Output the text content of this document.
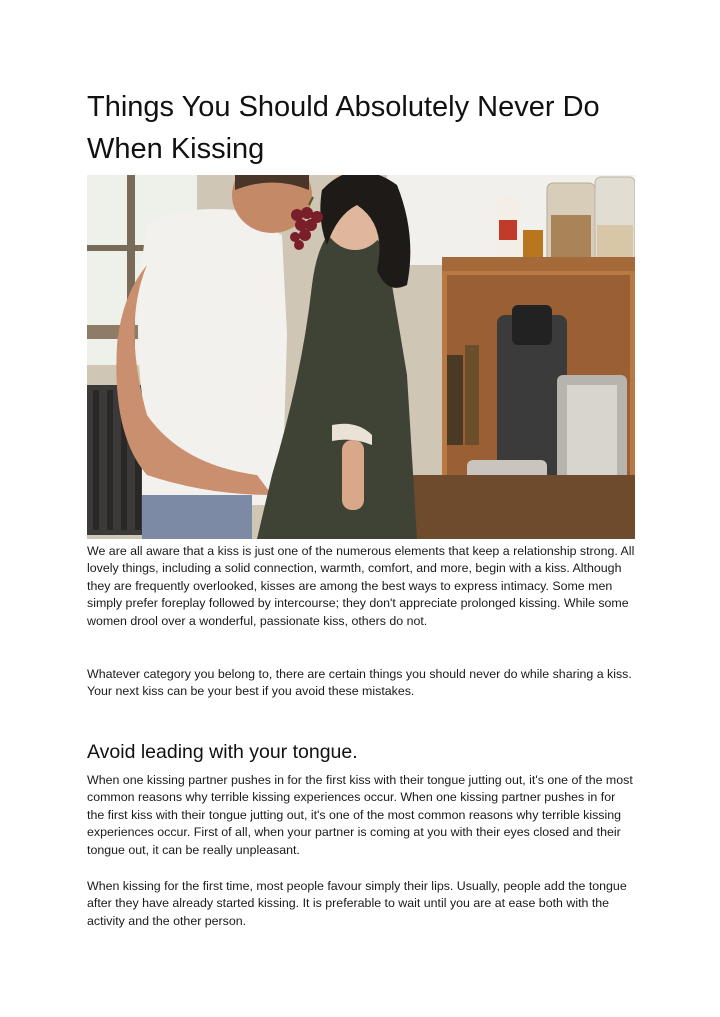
Things You Should Absolutely Never Do When Kissing

We are all aware that a kiss is just one of the numerous elements that keep a relationship strong. All lovely things, including a solid connection, warmth, comfort, and more, begin with a kiss. Although they are frequently overlooked, kisses are among the best ways to express intimacy. Some men simply prefer foreplay followed by intercourse; they don't appreciate prolonged kissing. While some women drool over a wonderful, passionate kiss, others do not.

Whatever category you belong to, there are certain things you should never do while sharing a kiss. Your next kiss can be your best if you avoid these mistakes.

Avoid leading with your tongue.

When one kissing partner pushes in for the first kiss with their tongue jutting out, it's one of the most common reasons why terrible kissing experiences occur. When one kissing partner pushes in for the first kiss with their tongue jutting out, it's one of the most common reasons why terrible kissing experiences occur. First of all, when your partner is coming at you with their eyes closed and their tongue out, it can be really unpleasant.

When kissing for the first time, most people favour simply their lips. Usually, people add the tongue after they have already started kissing. It is preferable to wait until you are at ease both with the activity and the other person.
